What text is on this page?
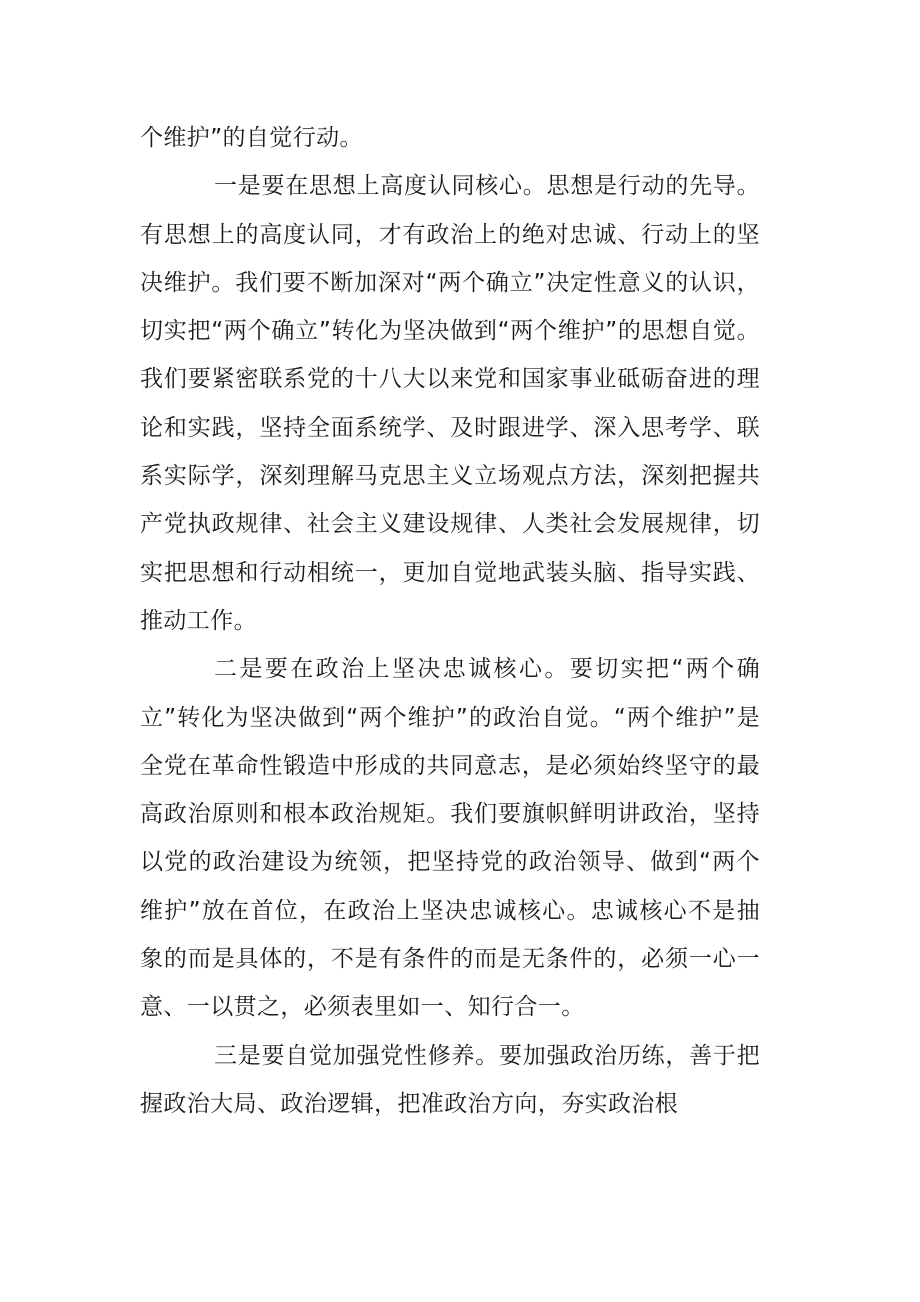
个维护”的自觉行动。

一是要在思想上高度认同核心。思想是行动的先导。有思想上的高度认同，才有政治上的绝对忠诚、行动上的坚决维护。我们要不断加深对“两个确立”决定性意义的认识，切实把“两个确立”转化为坚决做到“两个维护”的思想自觉。我们要紧密联系党的十八大以来党和国家事业砥砺奋进的理论和实践，坚持全面系统学、及时跟进学、深入思考学、联系实际学，深刻理解马克思主义立场观点方法，深刻把握共产党执政规律、社会主义建设规律、人类社会发展规律，切实把思想和行动相统一，更加自觉地武装头脑、指导实践、推动工作。

二是要在政治上坚决忠诚核心。要切实把“两个确立”转化为坚决做到“两个维护”的政治自觉。“两个维护”是全党在革命性锻造中形成的共同意志，是必须始终坚守的最高政治原则和根本政治规矩。我们要旗帜鲜明讲政治，坚持以党的政治建设为统领，把坚持党的政治领导、做到“两个维护”放在首位，在政治上坚决忠诚核心。忠诚核心不是抽象的而是具体的，不是有条件的而是无条件的，必须一心一意、一以贯之，必须表里如一、知行合一。

三是要自觉加强党性修养。要加强政治历练，善于把握政治大局、政治逻辑，把准政治方向，夯实政治根
